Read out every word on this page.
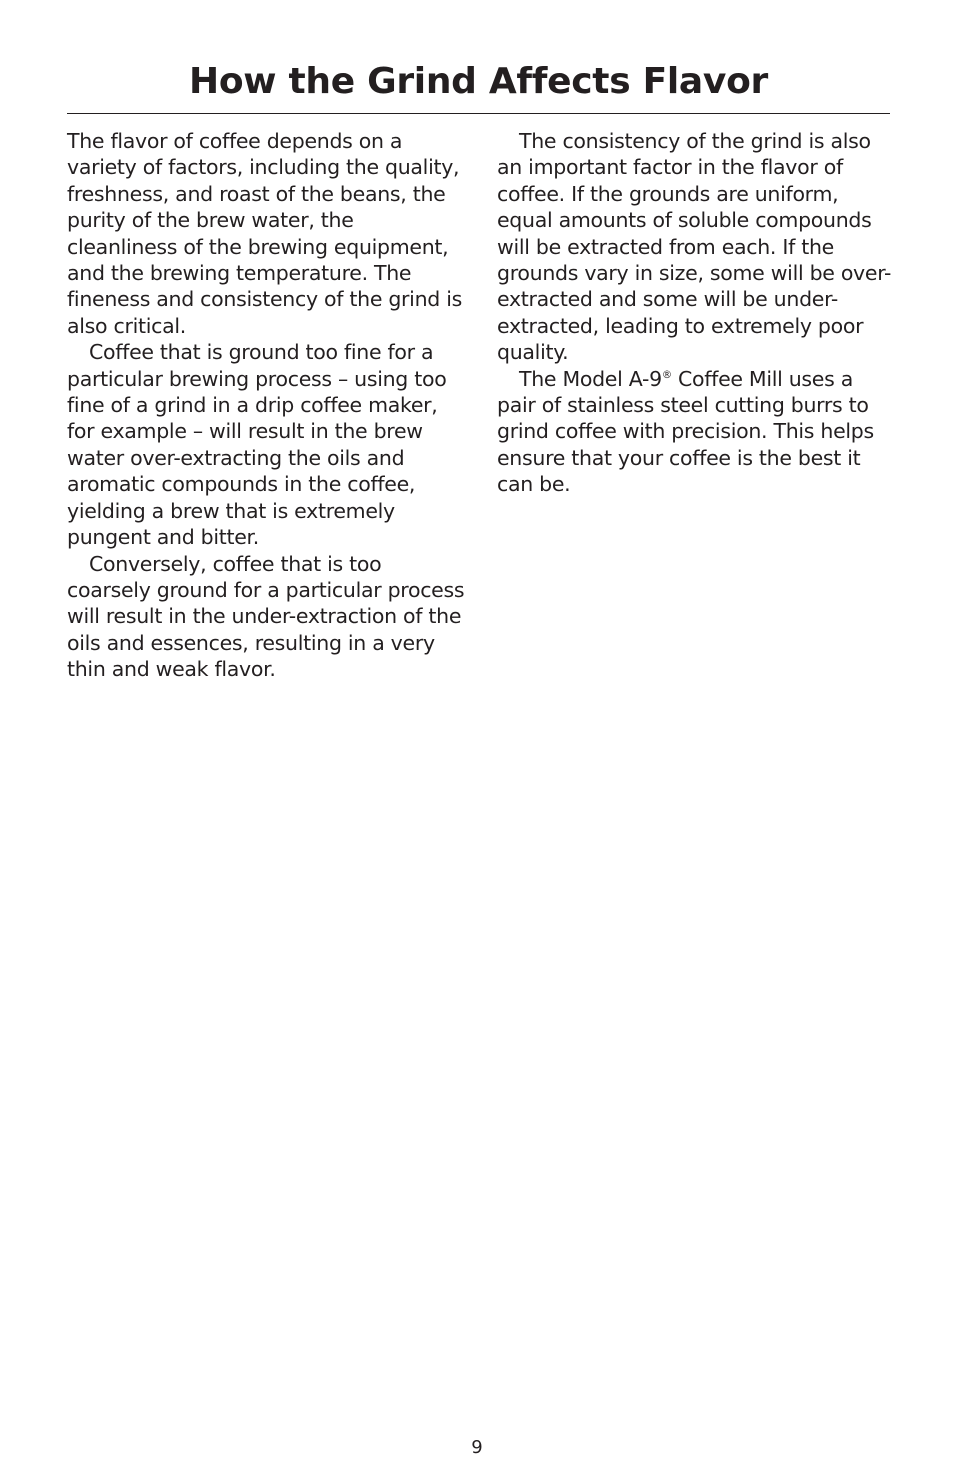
How the Grind Affects Flavor

The flavor of coffee depends on a variety of factors, including the quality, freshness, and roast of the beans, the purity of the brew water, the cleanliness of the brewing equipment, and the brewing temperature. The fineness and consistency of the grind is also critical.

Coffee that is ground too fine for a particular brewing process – using too fine of a grind in a drip coffee maker, for example – will result in the brew water over-extracting the oils and aromatic compounds in the coffee, yielding a brew that is extremely pungent and bitter.

Conversely, coffee that is too coarsely ground for a particular process will result in the under-extraction of the oils and essences, resulting in a very thin and weak flavor.

The consistency of the grind is also an important factor in the flavor of coffee. If the grounds are uniform, equal amounts of soluble compounds will be extracted from each. If the grounds vary in size, some will be over-extracted and some will be under-extracted, leading to extremely poor quality.

The Model A-9® Coffee Mill uses a pair of stainless steel cutting burrs to grind coffee with precision. This helps ensure that your coffee is the best it can be.

9
